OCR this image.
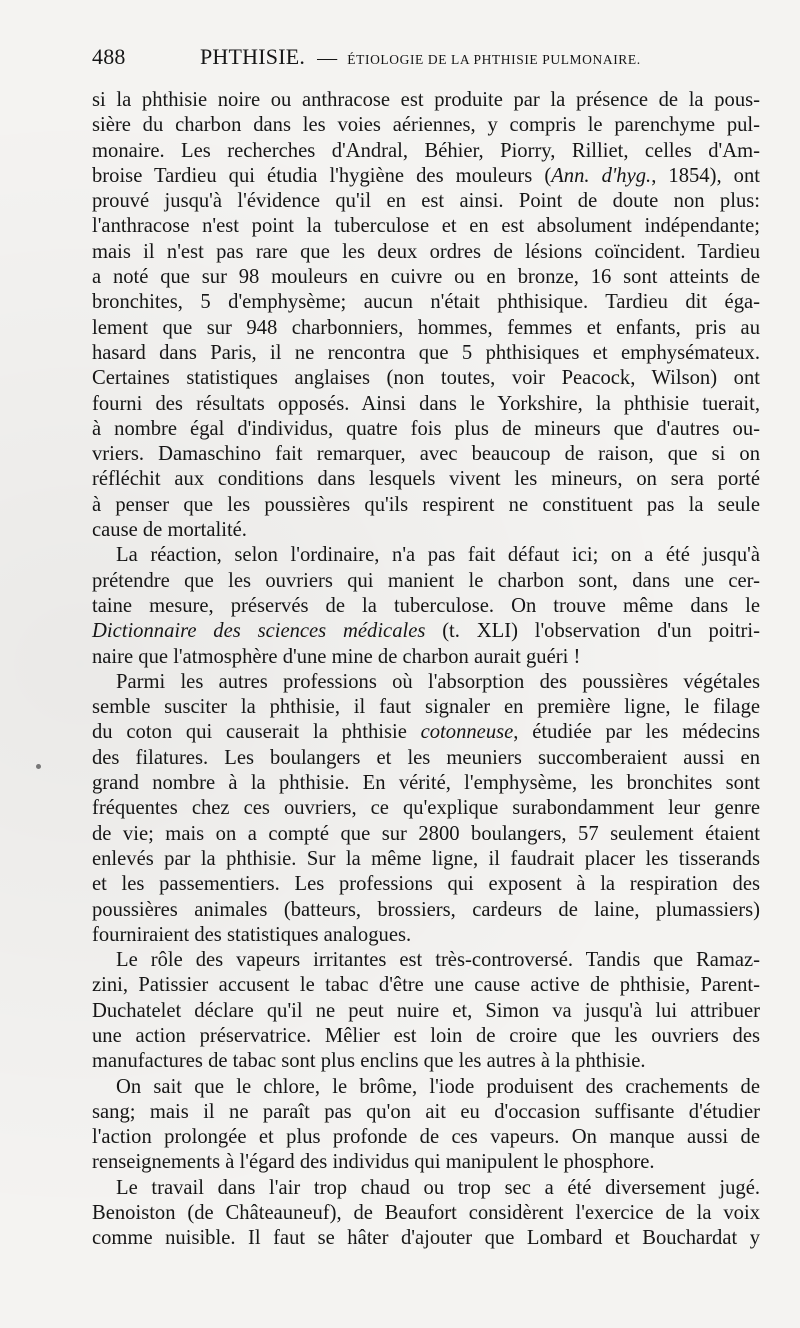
488	PHTHISIE. — ÉTIOLOGIE DE LA PHTHISIE PULMONAIRE.
si la phthisie noire ou anthracose est produite par la présence de la pous-
sière du charbon dans les voies aériennes, y compris le parenchyme pul-
monaire. Les recherches d'Andral, Béhier, Piorry, Rilliet, celles d'Am-
broise Tardieu qui étudia l'hygiène des mouleurs (Ann. d'hyg., 1854), ont
prouvé jusqu'à l'évidence qu'il en est ainsi. Point de doute non plus:
l'anthracose n'est point la tuberculose et en est absolument indépendante;
mais il n'est pas rare que les deux ordres de lésions coïncident. Tardieu
a noté que sur 98 mouleurs en cuivre ou en bronze, 16 sont atteints de
bronchites, 5 d'emphysème; aucun n'était phthisique. Tardieu dit éga-
lement que sur 948 charbonniers, hommes, femmes et enfants, pris au
hasard dans Paris, il ne rencontra que 5 phthisiques et emphysémateux.
Certaines statistiques anglaises (non toutes, voir Peacock, Wilson) ont
fourni des résultats opposés. Ainsi dans le Yorkshire, la phthisie tuerait,
à nombre égal d'individus, quatre fois plus de mineurs que d'autres ou-
vriers. Damaschino fait remarquer, avec beaucoup de raison, que si on
réfléchit aux conditions dans lesquels vivent les mineurs, on sera porté
à penser que les poussières qu'ils respirent ne constituent pas la seule
cause de mortalité.
La réaction, selon l'ordinaire, n'a pas fait défaut ici; on a été jusqu'à
prétendre que les ouvriers qui manient le charbon sont, dans une cer-
taine mesure, préservés de la tuberculose. On trouve même dans le
Dictionnaire des sciences médicales (t. XLI) l'observation d'un poitri-
naire que l'atmosphère d'une mine de charbon aurait guéri !
Parmi les autres professions où l'absorption des poussières végétales
semble susciter la phthisie, il faut signaler en première ligne, le filage
du coton qui causerait la phthisie cotonneuse, étudiée par les médecins
des filatures. Les boulangers et les meuniers succomberaient aussi en
grand nombre à la phthisie. En vérité, l'emphysème, les bronchites sont
fréquentes chez ces ouvriers, ce qu'explique surabondamment leur genre
de vie; mais on a compté que sur 2800 boulangers, 57 seulement étaient
enlevés par la phthisie. Sur la même ligne, il faudrait placer les tisserands
et les passementiers. Les professions qui exposent à la respiration des
poussières animales (batteurs, brossiers, cardeurs de laine, plumassiers)
fourniraient des statistiques analogues.
Le rôle des vapeurs irritantes est très-controversé. Tandis que Ramaz-
zini, Patissier accusent le tabac d'être une cause active de phthisie, Parent-
Duchatelet déclare qu'il ne peut nuire et, Simon va jusqu'à lui attribuer
une action préservatrice. Mêlier est loin de croire que les ouvriers des
manufactures de tabac sont plus enclins que les autres à la phthisie.
On sait que le chlore, le brôme, l'iode produisent des crachements de
sang; mais il ne paraît pas qu'on ait eu d'occasion suffisante d'étudier
l'action prolongée et plus profonde de ces vapeurs. On manque aussi de
renseignements à l'égard des individus qui manipulent le phosphore.
Le travail dans l'air trop chaud ou trop sec a été diversement jugé.
Benoiston (de Châteauneuf), de Beaufort considèrent l'exercice de la voix
comme nuisible. Il faut se hâter d'ajouter que Lombard et Bouchardat y
